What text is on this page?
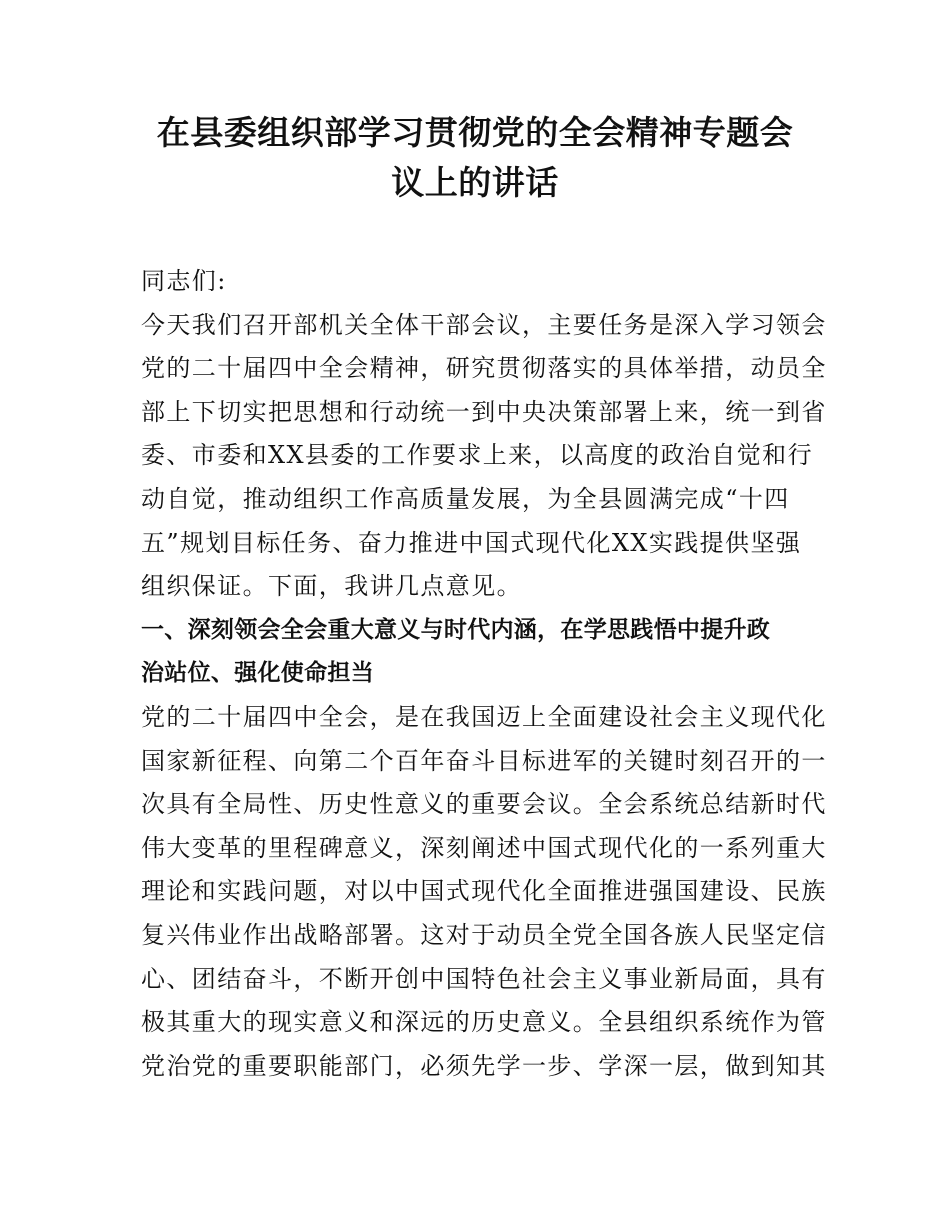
在县委组织部学习贯彻党的全会精神专题会
议上的讲话
同志们:
今天我们召开部机关全体干部会议，主要任务是深入学习领会
党的二十届四中全会精神，研究贯彻落实的具体举措，动员全
部上下切实把思想和行动统一到中央决策部署上来，统一到省
委、市委和XX县委的工作要求上来，以高度的政治自觉和行
动自觉，推动组织工作高质量发展，为全县圆满完成“十四
五”规划目标任务、奋力推进中国式现代化XX实践提供坚强
组织保证。下面，我讲几点意见。
一、深刻领会全会重大意义与时代内涵，在学思践悟中提升政
治站位、强化使命担当
党的二十届四中全会，是在我国迈上全面建设社会主义现代化
国家新征程、向第二个百年奋斗目标进军的关键时刻召开的一
次具有全局性、历史性意义的重要会议。全会系统总结新时代
伟大变革的里程碑意义，深刻阐述中国式现代化的一系列重大
理论和实践问题，对以中国式现代化全面推进强国建设、民族
复兴伟业作出战略部署。这对于动员全党全国各族人民坚定信
心、团结奋斗，不断开创中国特色社会主义事业新局面，具有
极其重大的现实意义和深远的历史意义。全县组织系统作为管
党治党的重要职能部门，必须先学一步、学深一层，做到知其
